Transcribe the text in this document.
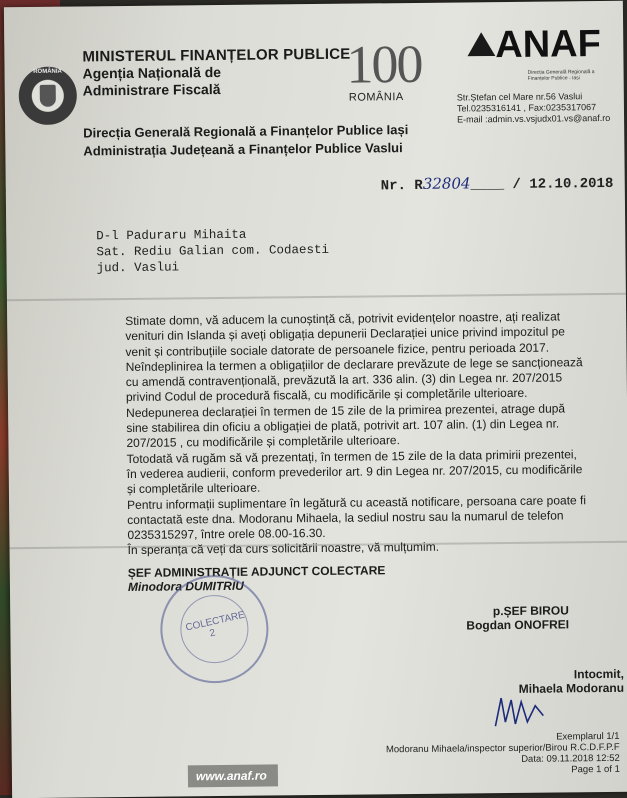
ROMÂNIA
MINISTERUL FINANȚELOR PUBLICE
Agenția Națională de
Administrare Fiscală
Direcția Generală Regională a Finanțelor Publice Iași
Administrația Județeană a Finanțelor Publice Vaslui
100
ROMÂNIA
ANAF
Direcția Generală Regională a Finanțelor Publice - Iași
Str.Ștefan cel Mare nr.56 Vaslui
Tel.0235316141 , Fax:0235317067
E-mail :admin.vs.vsjudx01.vs@anaf.ro
Nr. R32804____ / 12.10.2018
D-l Paduraru Mihaita
Sat. Rediu Galian com. Codaesti
jud. Vaslui

Stimate domn, vă aducem la cunoștință că, potrivit evidențelor noastre, ați realizat

venituri din Islanda și aveți obligația depunerii Declarației unice privind impozitul pe

venit și contribuțiile sociale datorate de persoanele fizice, pentru perioada 2017.

Neîndeplinirea la termen a obligațiilor de declarare prevăzute de lege se sancționează

cu amendă contravențională, prevăzută la art. 336 alin. (3) din Legea nr. 207/2015

privind Codul de procedură fiscală, cu modificările și completările ulterioare.

Nedepunerea declarației în termen de 15 zile de la primirea prezentei, atrage după

sine stabilirea din oficiu a obligației de plată, potrivit art. 107 alin. (1) din Legea nr.

207/2015 , cu modificările și completările ulterioare.

Totodată vă rugăm să vă prezentați, în termen de 15 zile de la data primirii prezentei,

în vederea audierii, conform prevederilor art. 9 din Legea nr. 207/2015, cu modificările

și completările ulterioare.

Pentru informații suplimentare în legătură cu această notificare, persoana care poate fi

contactată este dna. Modoranu Mihaela, la sediul nostru sau la numarul de telefon

0235315297, între orele 08.00-16.30.

În speranța că veți da curs solicitării noastre, vă mulțumim.

ȘEF ADMINISTRAȚIE ADJUNCT COLECTARE
Minodora DUMITRIU
COLECTARE 2
p.ȘEF BIROU
Bogdan ONOFREI
Intocmit,
Mihaela Modoranu
Exemplarul 1/1
Modoranu Mihaela/inspector superior/Birou R.C.D.F.P.F
Data: 09.11.2018 12:52
Page 1 of 1
www.anaf.ro
